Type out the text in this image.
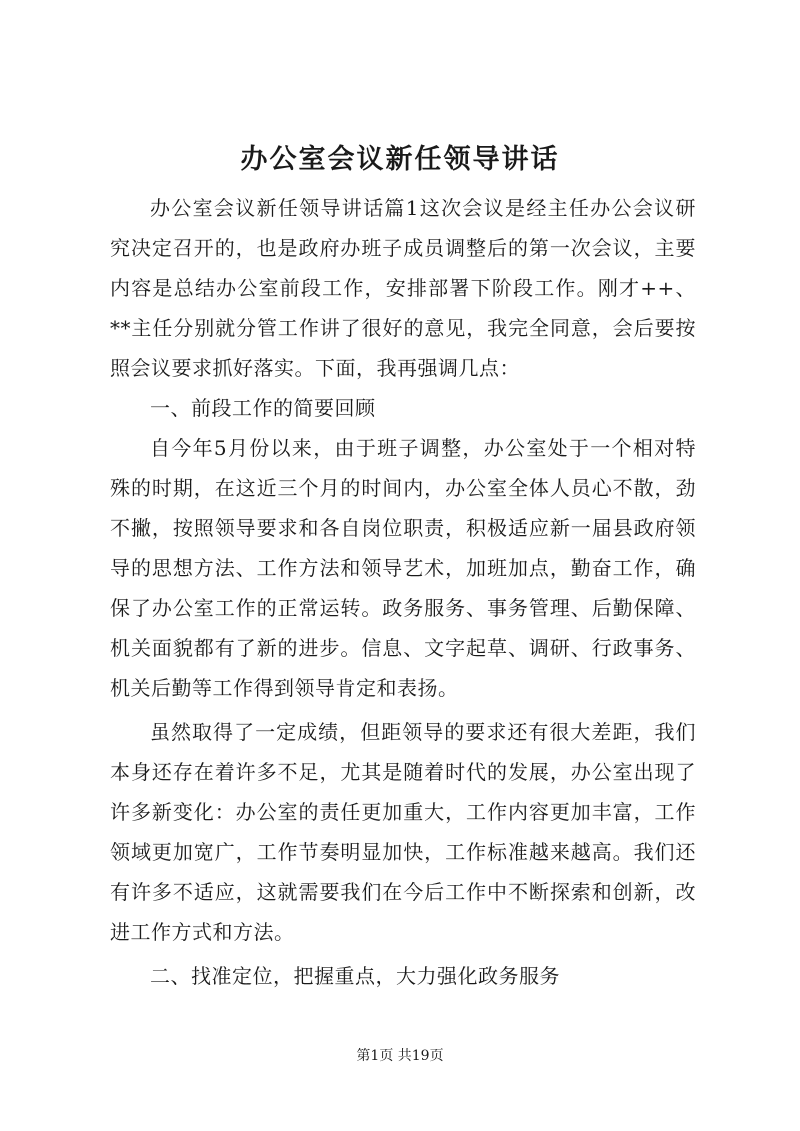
办公室会议新任领导讲话

办公室会议新任领导讲话篇1这次会议是经主任办公会议研究决定召开的，也是政府办班子成员调整后的第一次会议，主要内容是总结办公室前段工作，安排部署下阶段工作。刚才++、**主任分别就分管工作讲了很好的意见，我完全同意，会后要按照会议要求抓好落实。下面，我再强调几点：

一、前段工作的简要回顾

自今年5月份以来，由于班子调整，办公室处于一个相对特殊的时期，在这近三个月的时间内，办公室全体人员心不散，劲不撇，按照领导要求和各自岗位职责，积极适应新一届县政府领导的思想方法、工作方法和领导艺术，加班加点，勤奋工作，确保了办公室工作的正常运转。政务服务、事务管理、后勤保障、机关面貌都有了新的进步。信息、文字起草、调研、行政事务、机关后勤等工作得到领导肯定和表扬。

虽然取得了一定成绩，但距领导的要求还有很大差距，我们本身还存在着许多不足，尤其是随着时代的发展，办公室出现了许多新变化：办公室的责任更加重大，工作内容更加丰富，工作领域更加宽广，工作节奏明显加快，工作标准越来越高。我们还有许多不适应，这就需要我们在今后工作中不断探索和创新，改进工作方式和方法。

二、找准定位，把握重点，大力强化政务服务

第1页 共19页
